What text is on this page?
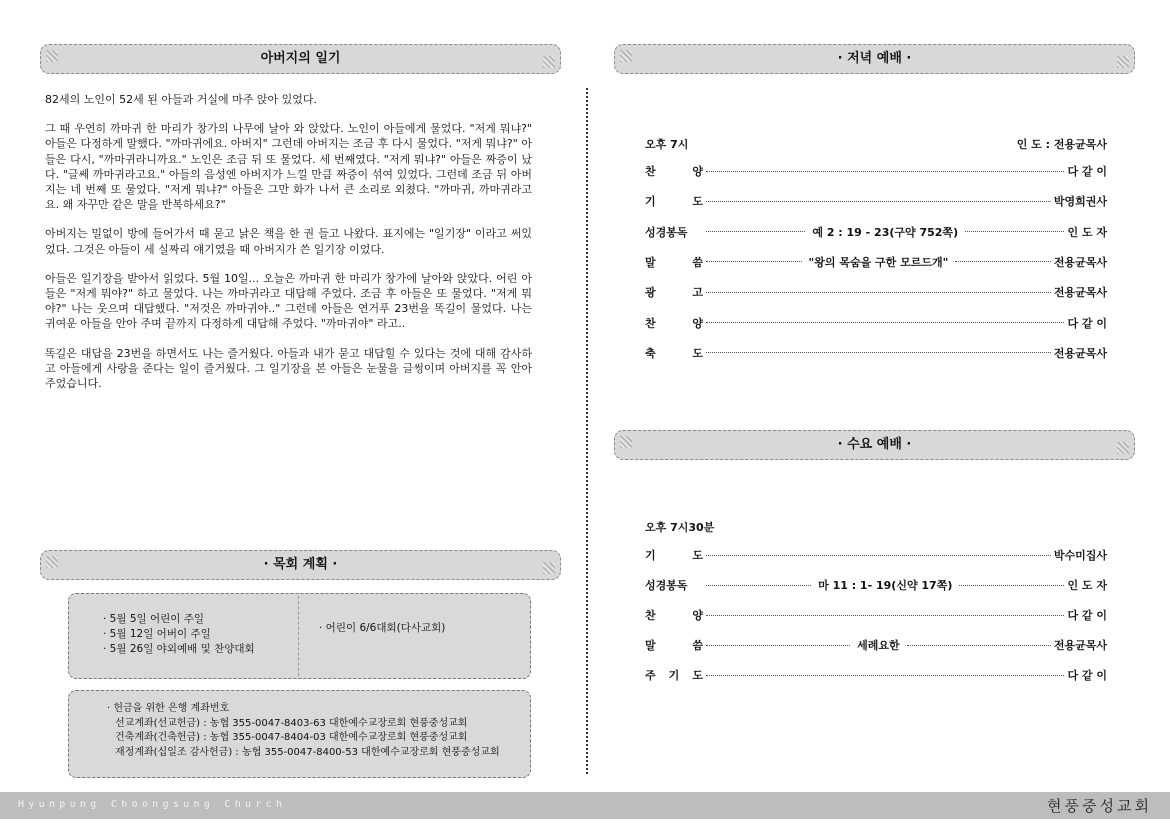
아버지의 일기

82세의 노인이 52세 된 아들과 거실에 마주 앉아 있었다.

그 때 우연히 까마귀 한 마리가 창가의 나무에 날아 와 앉았다. 노인이 아들에게 물었다. "저게 뭐냐?" 아들은 다정하게 말했다. "까마귀에요. 아버지" 그런데 아버지는 조금 후 다시 물었다. "저게 뭐냐?" 아들은 다시, "까마귀라니까요." 노인은 조금 뒤 또 물었다. 세 번째였다. "저게 뭐냐?" 아들은 짜증이 났다. "글쎄 까마귀라고요." 아들의 음성엔 아버지가 느낄 만큼 짜증이 섞여 있었다. 그런데 조금 뒤 아버지는 네 번째 또 물었다. "저게 뭐냐?" 아들은 그만 화가 나서 큰 소리로 외쳤다. "까마귀, 까마귀라고요. 왜 자꾸만 같은 말을 반복하세요?"

아버지는 밀없이 방에 들어가서 때 묻고 낡은 책을 한 권 들고 나왔다. 표지에는 "일기장" 이라고 써있었다. 그것은 아들이 세 실짜리 얘기였을 때 아버지가 쓴 일기장 이었다.

아들은 일기장을 받아서 읽었다. 5월 10일... 오늘은 까마귀 한 마리가 창가에 날아와 앉았다. 어린 아들은 "저게 뭐야?" 하고 물었다. 나는 까마귀라고 대답해 주었다. 조금 후 아들은 또 물었다. "저게 뭐야?" 나는 웃으며 대답했다. "저것은 까마귀야.." 그런데 아들은 연거푸 23번을 똑길이 물었다. 나는 귀여운 아들을 안아 주며 끝까지 다정하게 대답해 주었다. "까마귀야" 라고..

똑길은 대답을 23번을 하면서도 나는 즐거웠다. 아들과 내가 묻고 대답힐 수 있다는 것에 대해 감사하고 아들에게 사랑을 준다는 일이 즐거웠다. 그 일기장을 본 아들은 눈물을 글썽이며 아버지를 꼭 안아 주었습니다.

· 목회 계획 ·
· 5월 5일 어린이 주일
· 5월 12일 어버이 주일
· 5월 26일 야외예배 및 찬양대회
· 어린이 6/6대회(다사교회)
· 헌금을 위한 은행 계좌번호
선교계좌(선교헌금) : 농협 355-0047-8403-63 대한예수교장로회 현풍중성교회
건축계좌(건축헌금) : 농협 355-0047-8404-03 대한예수교장로회 현풍중성교회
재정계좌(십일조 감사헌금) : 농협 355-0047-8400-53 대한예수교장로회 현풍중성교회
· 저녁 예배 ·
오후 7시	인 도 : 전용균목사
찬	양	다 같 이
기	도	박영희권사
성경봉독	예 2 : 19 - 23(구약 752쪽)	인 도 자
말	씀	"왕의 목숨을 구한 모르드개"	전용균목사
광	고	전용균목사
찬	양	다 같 이
축	도	전용균목사
· 수요 예배 ·
오후 7시30분
기	도	박수미집사
성경봉독	마 11 : 1- 19(신약 17쪽)	인 도 자
찬	양	다 같 이
말	씀	세례요한	전용균목사
주 기 도	다 같 이
Hyunpung Choongsung Church	현풍중성교회
